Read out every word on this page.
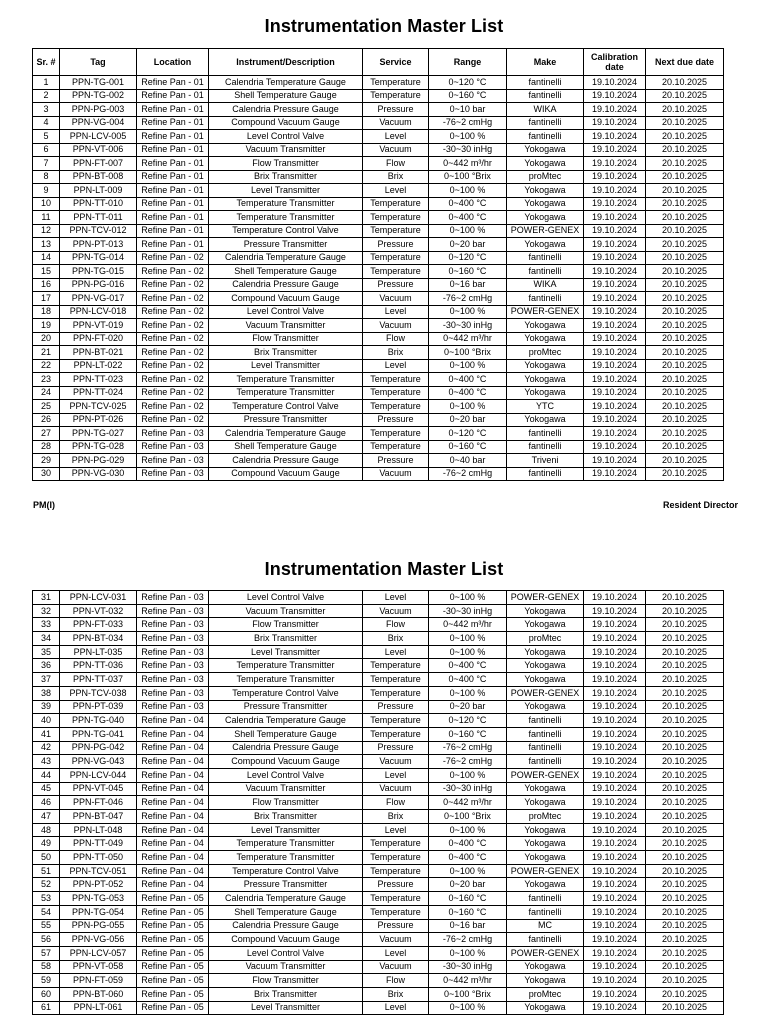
Instrumentation Master List
Sr. #	Tag	Location	Instrument/Description	Service	Range	Make	Calibration date	Next due date
1	PPN-TG-001	Refine Pan - 01	Calendria Temperature Gauge	Temperature	0~120 °C	fantinelli	19.10.2024	20.10.2025
2	PPN-TG-002	Refine Pan - 01	Shell Temperature Gauge	Temperature	0~160 °C	fantinelli	19.10.2024	20.10.2025
3	PPN-PG-003	Refine Pan - 01	Calendria Pressure Gauge	Pressure	0~10 bar	WIKA	19.10.2024	20.10.2025
4	PPN-VG-004	Refine Pan - 01	Compound Vacuum Gauge	Vacuum	-76~2 cmHg	fantinelli	19.10.2024	20.10.2025
5	PPN-LCV-005	Refine Pan - 01	Level Control Valve	Level	0~100 %	fantinelli	19.10.2024	20.10.2025
6	PPN-VT-006	Refine Pan - 01	Vacuum Transmitter	Vacuum	-30~30 inHg	Yokogawa	19.10.2024	20.10.2025
7	PPN-FT-007	Refine Pan - 01	Flow Transmitter	Flow	0~442 m³/hr	Yokogawa	19.10.2024	20.10.2025
8	PPN-BT-008	Refine Pan - 01	Brix Transmitter	Brix	0~100 °Brix	proMtec	19.10.2024	20.10.2025
9	PPN-LT-009	Refine Pan - 01	Level Transmitter	Level	0~100 %	Yokogawa	19.10.2024	20.10.2025
10	PPN-TT-010	Refine Pan - 01	Temperature Transmitter	Temperature	0~400 °C	Yokogawa	19.10.2024	20.10.2025
11	PPN-TT-011	Refine Pan - 01	Temperature Transmitter	Temperature	0~400 °C	Yokogawa	19.10.2024	20.10.2025
12	PPN-TCV-012	Refine Pan - 01	Temperature Control Valve	Temperature	0~100 %	POWER-GENEX	19.10.2024	20.10.2025
13	PPN-PT-013	Refine Pan - 01	Pressure Transmitter	Pressure	0~20 bar	Yokogawa	19.10.2024	20.10.2025
14	PPN-TG-014	Refine Pan - 02	Calendria Temperature Gauge	Temperature	0~120 °C	fantinelli	19.10.2024	20.10.2025
15	PPN-TG-015	Refine Pan - 02	Shell Temperature Gauge	Temperature	0~160 °C	fantinelli	19.10.2024	20.10.2025
16	PPN-PG-016	Refine Pan - 02	Calendria Pressure Gauge	Pressure	0~16 bar	WIKA	19.10.2024	20.10.2025
17	PPN-VG-017	Refine Pan - 02	Compound Vacuum Gauge	Vacuum	-76~2 cmHg	fantinelli	19.10.2024	20.10.2025
18	PPN-LCV-018	Refine Pan - 02	Level Control Valve	Level	0~100 %	POWER-GENEX	19.10.2024	20.10.2025
19	PPN-VT-019	Refine Pan - 02	Vacuum Transmitter	Vacuum	-30~30 inHg	Yokogawa	19.10.2024	20.10.2025
20	PPN-FT-020	Refine Pan - 02	Flow Transmitter	Flow	0~442 m³/hr	Yokogawa	19.10.2024	20.10.2025
21	PPN-BT-021	Refine Pan - 02	Brix Transmitter	Brix	0~100 °Brix	proMtec	19.10.2024	20.10.2025
22	PPN-LT-022	Refine Pan - 02	Level Transmitter	Level	0~100 %	Yokogawa	19.10.2024	20.10.2025
23	PPN-TT-023	Refine Pan - 02	Temperature Transmitter	Temperature	0~400 °C	Yokogawa	19.10.2024	20.10.2025
24	PPN-TT-024	Refine Pan - 02	Temperature Transmitter	Temperature	0~400 °C	Yokogawa	19.10.2024	20.10.2025
25	PPN-TCV-025	Refine Pan - 02	Temperature Control Valve	Temperature	0~100 %	YTC	19.10.2024	20.10.2025
26	PPN-PT-026	Refine Pan - 02	Pressure Transmitter	Pressure	0~20 bar	Yokogawa	19.10.2024	20.10.2025
27	PPN-TG-027	Refine Pan - 03	Calendria Temperature Gauge	Temperature	0~120 °C	fantinelli	19.10.2024	20.10.2025
28	PPN-TG-028	Refine Pan - 03	Shell Temperature Gauge	Temperature	0~160 °C	fantinelli	19.10.2024	20.10.2025
29	PPN-PG-029	Refine Pan - 03	Calendria Pressure Gauge	Pressure	0~40 bar	Triveni	19.10.2024	20.10.2025
30	PPN-VG-030	Refine Pan - 03	Compound Vacuum Gauge	Vacuum	-76~2 cmHg	fantinelli	19.10.2024	20.10.2025
PM(I)	Resident Director
Instrumentation Master List
31	PPN-LCV-031	Refine Pan - 03	Level Control Valve	Level	0~100 %	POWER-GENEX	19.10.2024	20.10.2025
32	PPN-VT-032	Refine Pan - 03	Vacuum Transmitter	Vacuum	-30~30 inHg	Yokogawa	19.10.2024	20.10.2025
33	PPN-FT-033	Refine Pan - 03	Flow Transmitter	Flow	0~442 m³/hr	Yokogawa	19.10.2024	20.10.2025
34	PPN-BT-034	Refine Pan - 03	Brix Transmitter	Brix	0~100 %	proMtec	19.10.2024	20.10.2025
35	PPN-LT-035	Refine Pan - 03	Level Transmitter	Level	0~100 %	Yokogawa	19.10.2024	20.10.2025
36	PPN-TT-036	Refine Pan - 03	Temperature Transmitter	Temperature	0~400 °C	Yokogawa	19.10.2024	20.10.2025
37	PPN-TT-037	Refine Pan - 03	Temperature Transmitter	Temperature	0~400 °C	Yokogawa	19.10.2024	20.10.2025
38	PPN-TCV-038	Refine Pan - 03	Temperature Control Valve	Temperature	0~100 %	POWER-GENEX	19.10.2024	20.10.2025
39	PPN-PT-039	Refine Pan - 03	Pressure Transmitter	Pressure	0~20 bar	Yokogawa	19.10.2024	20.10.2025
40	PPN-TG-040	Refine Pan - 04	Calendria Temperature Gauge	Temperature	0~120 °C	fantinelli	19.10.2024	20.10.2025
41	PPN-TG-041	Refine Pan - 04	Shell Temperature Gauge	Temperature	0~160 °C	fantinelli	19.10.2024	20.10.2025
42	PPN-PG-042	Refine Pan - 04	Calendria Pressure Gauge	Pressure	-76~2 cmHg	fantinelli	19.10.2024	20.10.2025
43	PPN-VG-043	Refine Pan - 04	Compound Vacuum Gauge	Vacuum	-76~2 cmHg	fantinelli	19.10.2024	20.10.2025
44	PPN-LCV-044	Refine Pan - 04	Level Control Valve	Level	0~100 %	POWER-GENEX	19.10.2024	20.10.2025
45	PPN-VT-045	Refine Pan - 04	Vacuum Transmitter	Vacuum	-30~30 inHg	Yokogawa	19.10.2024	20.10.2025
46	PPN-FT-046	Refine Pan - 04	Flow Transmitter	Flow	0~442 m³/hr	Yokogawa	19.10.2024	20.10.2025
47	PPN-BT-047	Refine Pan - 04	Brix Transmitter	Brix	0~100 °Brix	proMtec	19.10.2024	20.10.2025
48	PPN-LT-048	Refine Pan - 04	Level Transmitter	Level	0~100 %	Yokogawa	19.10.2024	20.10.2025
49	PPN-TT-049	Refine Pan - 04	Temperature Transmitter	Temperature	0~400 °C	Yokogawa	19.10.2024	20.10.2025
50	PPN-TT-050	Refine Pan - 04	Temperature Transmitter	Temperature	0~400 °C	Yokogawa	19.10.2024	20.10.2025
51	PPN-TCV-051	Refine Pan - 04	Temperature Control Valve	Temperature	0~100 %	POWER-GENEX	19.10.2024	20.10.2025
52	PPN-PT-052	Refine Pan - 04	Pressure Transmitter	Pressure	0~20 bar	Yokogawa	19.10.2024	20.10.2025
53	PPN-TG-053	Refine Pan - 05	Calendria Temperature Gauge	Temperature	0~160 °C	fantinelli	19.10.2024	20.10.2025
54	PPN-TG-054	Refine Pan - 05	Shell Temperature Gauge	Temperature	0~160 °C	fantinelli	19.10.2024	20.10.2025
55	PPN-PG-055	Refine Pan - 05	Calendria Pressure Gauge	Pressure	0~16 bar	MC	19.10.2024	20.10.2025
56	PPN-VG-056	Refine Pan - 05	Compound Vacuum Gauge	Vacuum	-76~2 cmHg	fantinelli	19.10.2024	20.10.2025
57	PPN-LCV-057	Refine Pan - 05	Level Control Valve	Level	0~100 %	POWER-GENEX	19.10.2024	20.10.2025
58	PPN-VT-058	Refine Pan - 05	Vacuum Transmitter	Vacuum	-30~30 inHg	Yokogawa	19.10.2024	20.10.2025
59	PPN-FT-059	Refine Pan - 05	Flow Transmitter	Flow	0~442 m³/hr	Yokogawa	19.10.2024	20.10.2025
60	PPN-BT-060	Refine Pan - 05	Brix Transmitter	Brix	0~100 °Brix	proMtec	19.10.2024	20.10.2025
61	PPN-LT-061	Refine Pan - 05	Level Transmitter	Level	0~100 %	Yokogawa	19.10.2024	20.10.2025
